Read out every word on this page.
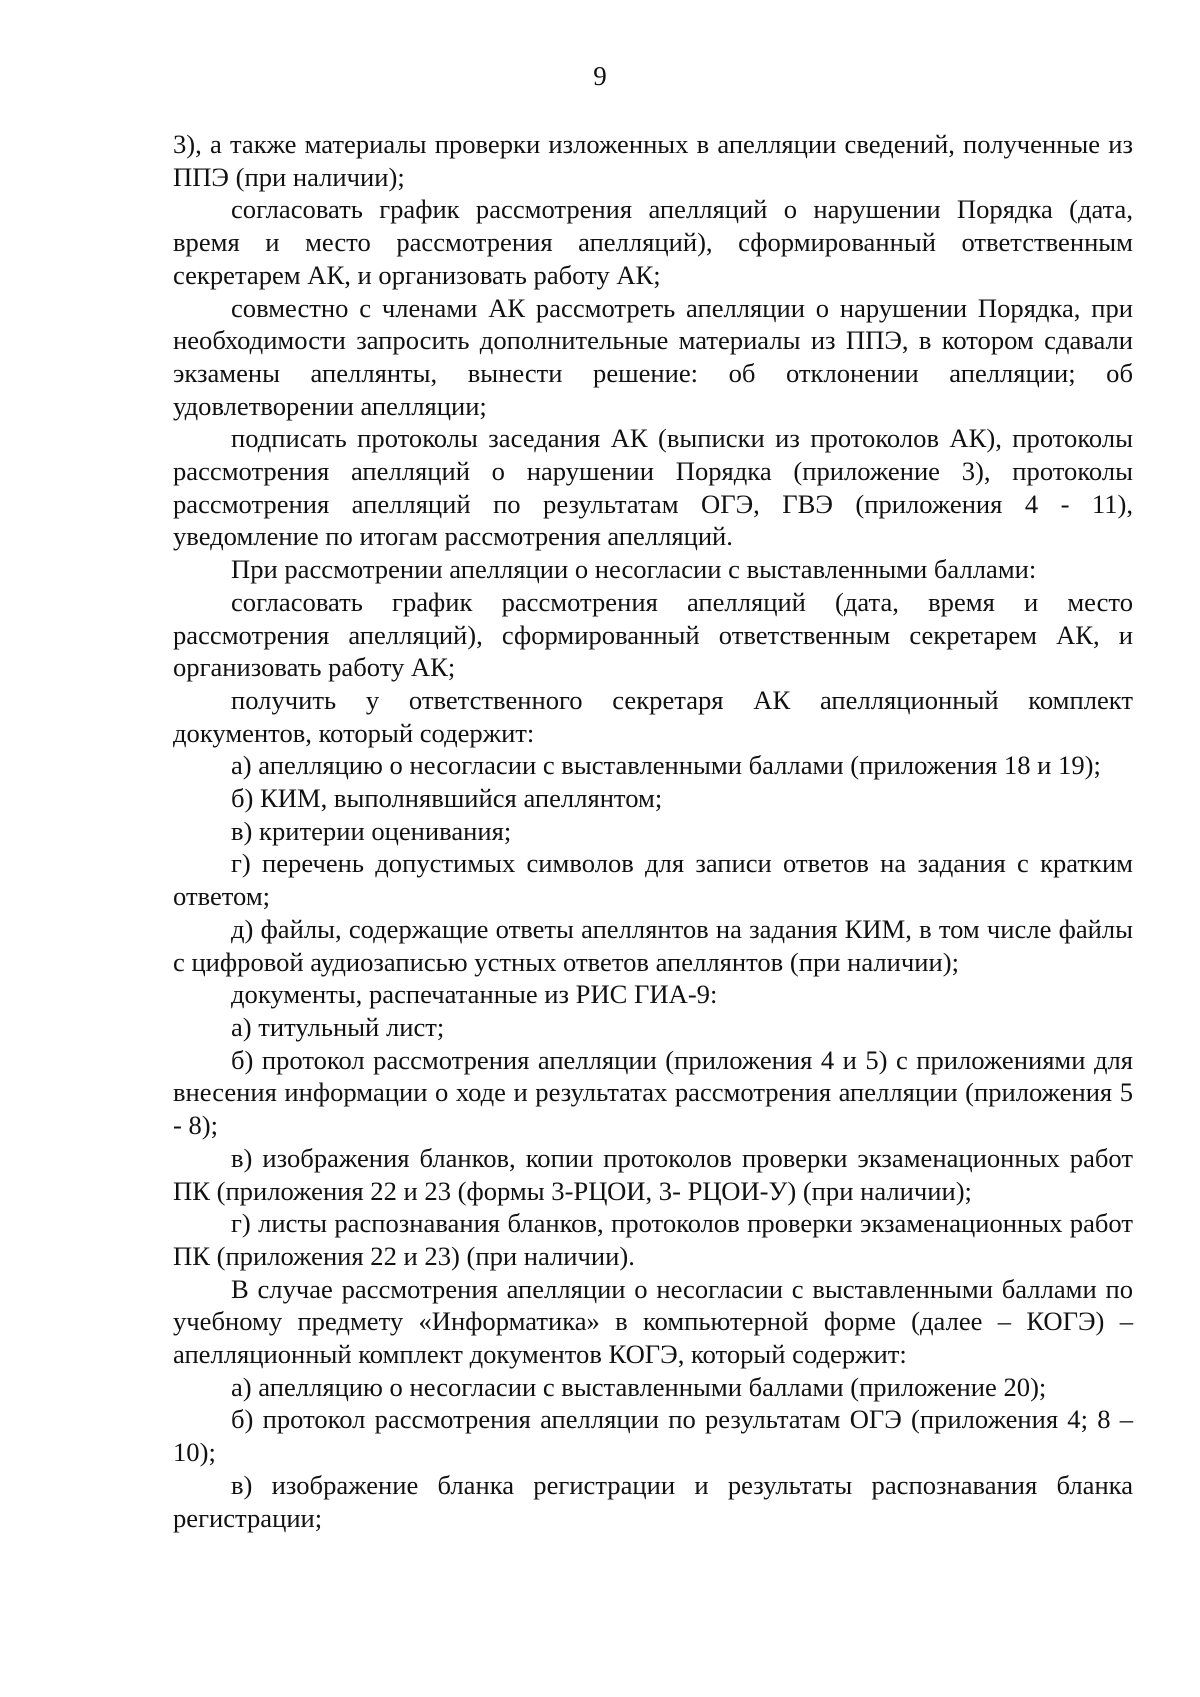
9

3), а также материалы проверки изложенных в апелляции сведений, полученные из ППЭ (при наличии);

согласовать график рассмотрения апелляций о нарушении Порядка (дата, время и место рассмотрения апелляций), сформированный ответственным секретарем АК, и организовать работу АК;

совместно с членами АК рассмотреть апелляции о нарушении Порядка, при необходимости запросить дополнительные материалы из ППЭ, в котором сдавали экзамены апеллянты, вынести решение: об отклонении апелляции; об удовлетворении апелляции;

подписать протоколы заседания АК (выписки из протоколов АК), протоколы рассмотрения апелляций о нарушении Порядка (приложение 3), протоколы рассмотрения апелляций по результатам ОГЭ, ГВЭ (приложения 4 - 11), уведомление по итогам рассмотрения апелляций.

При рассмотрении апелляции о несогласии с выставленными баллами:

согласовать график рассмотрения апелляций (дата, время и место рассмотрения апелляций), сформированный ответственным секретарем АК, и организовать работу АК;

получить у ответственного секретаря АК апелляционный комплект документов, который содержит:

а) апелляцию о несогласии с выставленными баллами (приложения 18 и 19);

б) КИМ, выполнявшийся апеллянтом;

в) критерии оценивания;

г) перечень допустимых символов для записи ответов на задания с кратким ответом;

д) файлы, содержащие ответы апеллянтов на задания КИМ, в том числе файлы с цифровой аудиозаписью устных ответов апеллянтов (при наличии);

документы, распечатанные из РИС ГИА-9:

а) титульный лист;

б) протокол рассмотрения апелляции (приложения 4 и 5) с приложениями для внесения информации о ходе и результатах рассмотрения апелляции (приложения 5 - 8);

в) изображения бланков, копии протоколов проверки экзаменационных работ ПК (приложения 22 и 23 (формы 3-РЦОИ, 3- РЦОИ-У) (при наличии);

г) листы распознавания бланков, протоколов проверки экзаменационных работ ПК (приложения 22 и 23) (при наличии).

В случае рассмотрения апелляции о несогласии с выставленными баллами по учебному предмету «Информатика» в компьютерной форме (далее – КОГЭ) – апелляционный комплект документов КОГЭ, который содержит:

а) апелляцию о несогласии с выставленными баллами (приложение 20);

б) протокол рассмотрения апелляции по результатам ОГЭ (приложения 4; 8 – 10);

в) изображение бланка регистрации и результаты распознавания бланка регистрации;
